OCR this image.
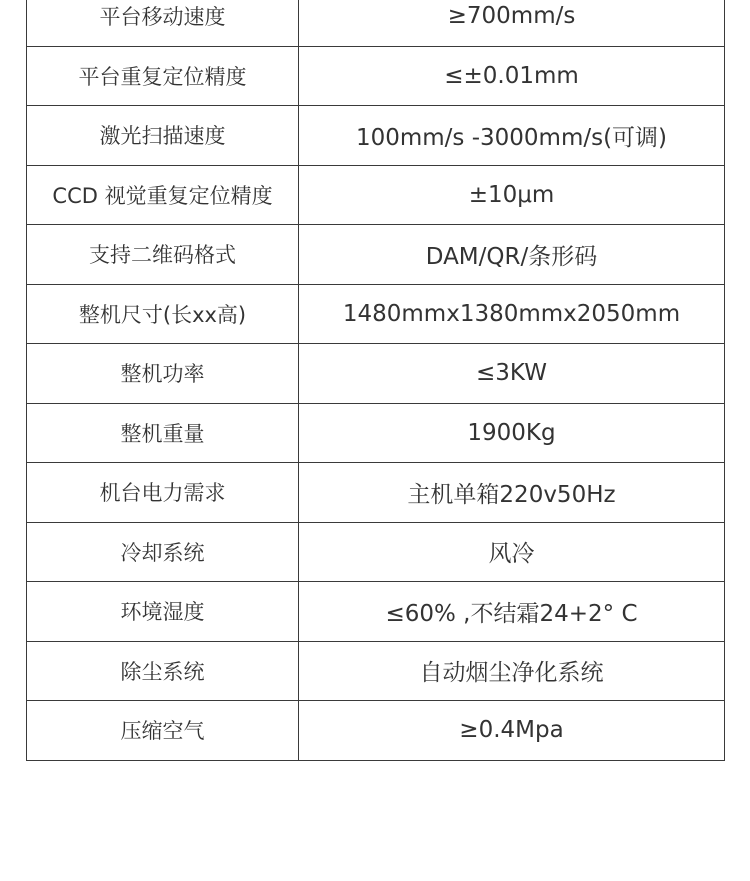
平台移动速度	≥700mm/s
平台重复定位精度	≤±0.01mm
激光扫描速度	100mm/s -3000mm/s(可调)
CCD 视觉重复定位精度	±10μm
支持二维码格式	DAM/QR/条形码
整机尺寸(长xx高)	1480mmx1380mmx2050mm
整机功率	≤3KW
整机重量	1900Kg
机台电力需求	主机单箱220v50Hz
冷却系统	风冷
环境湿度	≤60% ,不结霜24+2° C
除尘系统	自动烟尘净化系统
压缩空气	≥0.4Mpa
